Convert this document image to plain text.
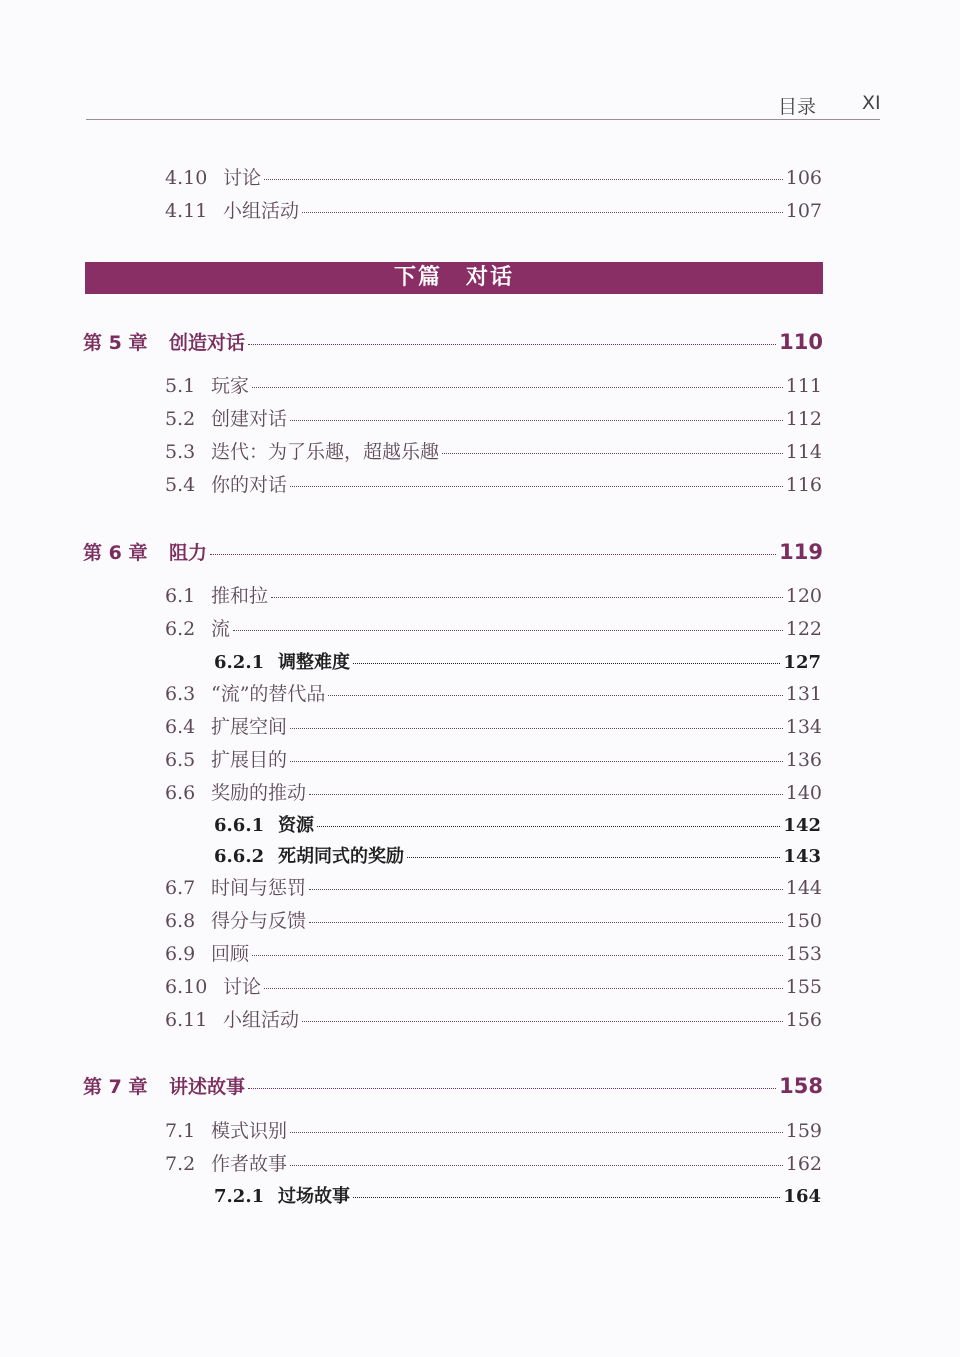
目录 XI
4.10 讨论	106
4.11 小组活动	107
下篇　对话
第 5 章	创造对话	110
5.1 玩家	111
5.2 创建对话	112
5.3 迭代：为了乐趣，超越乐趣	114
5.4 你的对话	116
第 6 章	阻力	119
6.1 推和拉	120
6.2 流	122
6.2.1 调整难度	127
6.3 “流”的替代品	131
6.4 扩展空间	134
6.5 扩展目的	136
6.6 奖励的推动	140
6.6.1 资源	142
6.6.2 死胡同式的奖励	143
6.7 时间与惩罚	144
6.8 得分与反馈	150
6.9 回顾	153
6.10 讨论	155
6.11 小组活动	156
第 7 章	讲述故事	158
7.1 模式识别	159
7.2 作者故事	162
7.2.1 过场故事	164
